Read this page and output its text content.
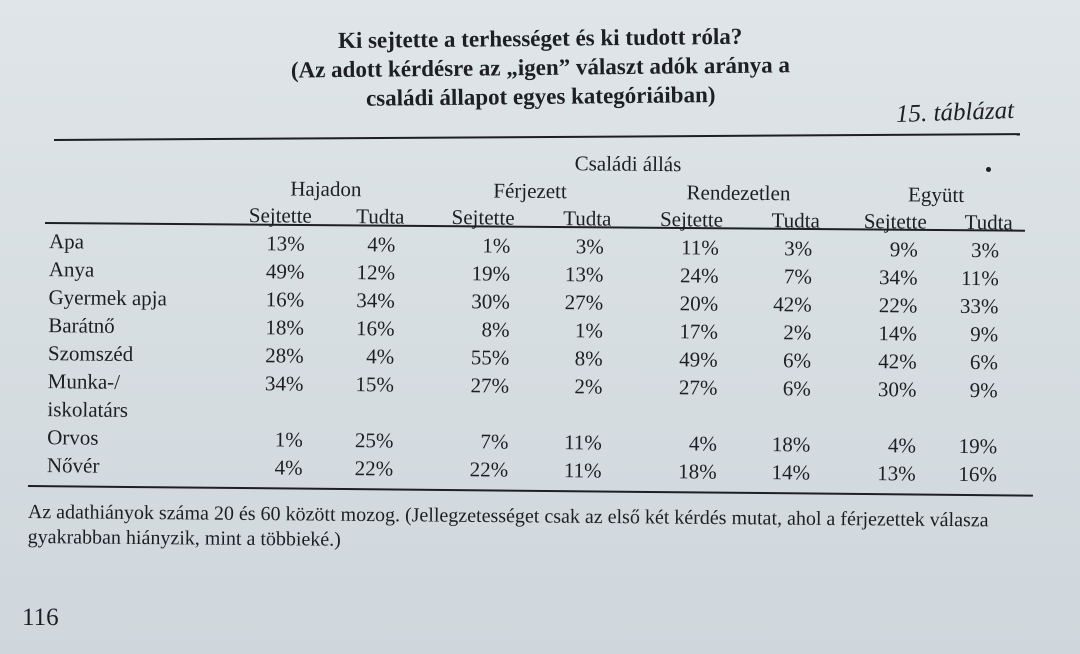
Ki sejtette a terhességet és ki tudott róla?
(Az adott kérdésre az „igen” választ adók aránya a
családi állapot egyes kategóriáiban)
15. táblázat
	Családi állás							
	Hajadon		Férjezett		Rendezetlen		Együtt	
	Sejtette	Tudta	Sejtette	Tudta	Sejtette	Tudta	Sejtette	Tudta
Apa	13%	4%	1%	3%	11%	3%	9%	3%
Anya	49%	12%	19%	13%	24%	7%	34%	11%
Gyermek apja	16%	34%	30%	27%	20%	42%	22%	33%
Barátnő	18%	16%	8%	1%	17%	2%	14%	9%
Szomszéd	28%	4%	55%	8%	49%	6%	42%	6%
Munka-/	34%	15%	27%	2%	27%	6%	30%	9%
iskolatárs								
Orvos	1%	25%	7%	11%	4%	18%	4%	19%
Nővér	4%	22%	22%	11%	18%	14%	13%	16%
Az adathiányok száma 20 és 60 között mozog. (Jellegzetességet csak az első két kérdés mutat, ahol a férjezettek válasza gyakrabban hiányzik, mint a többieké.)
116
